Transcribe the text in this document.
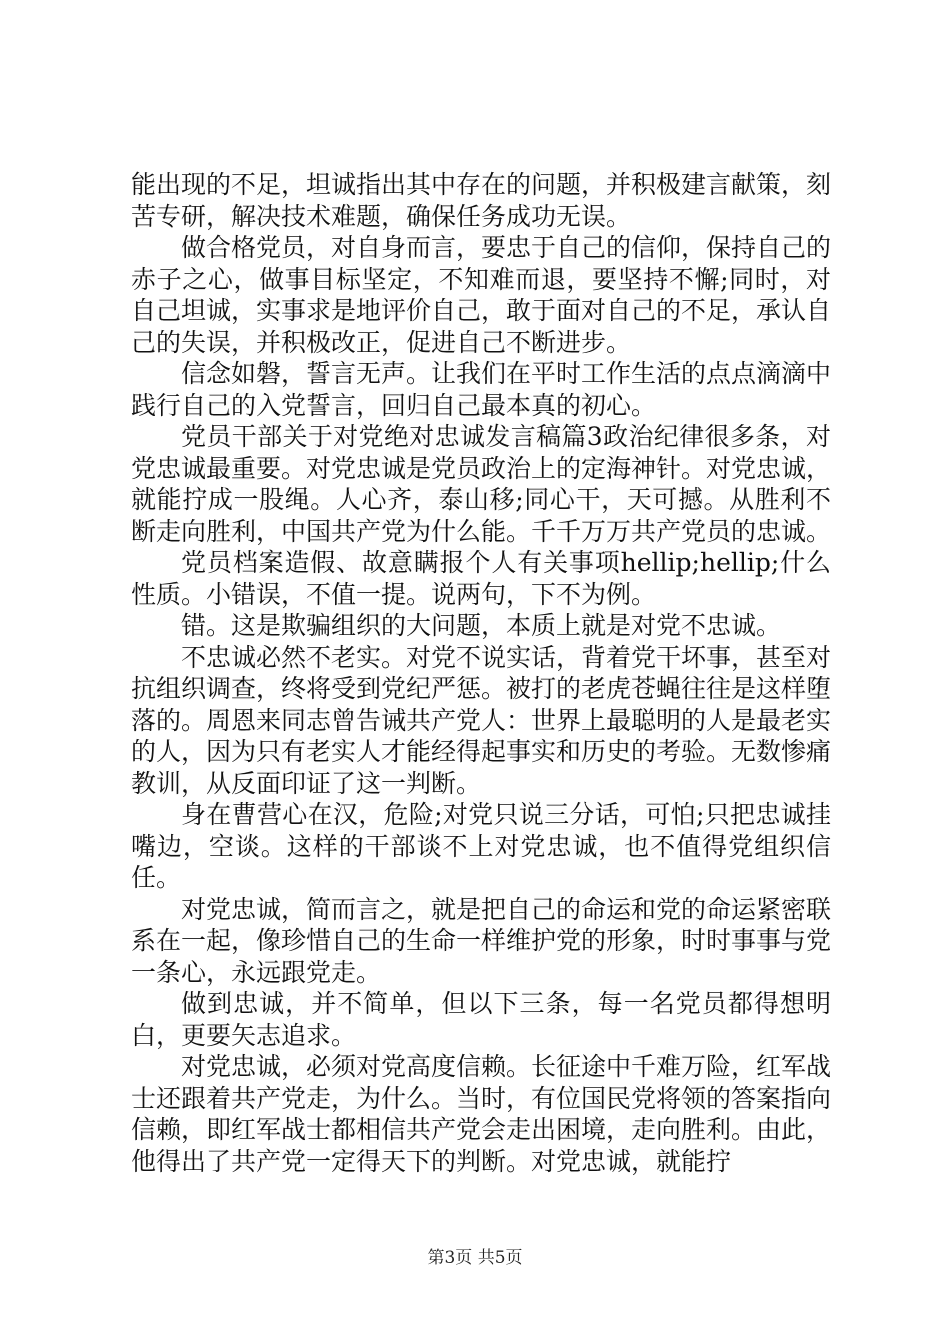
能出现的不足，坦诚指出其中存在的问题，并积极建言献策，刻苦专研，解决技术难题，确保任务成功无误。

做合格党员，对自身而言，要忠于自己的信仰，保持自己的赤子之心，做事目标坚定，不知难而退，要坚持不懈;同时，对自己坦诚，实事求是地评价自己，敢于面对自己的不足，承认自己的失误，并积极改正，促进自己不断进步。

信念如磐，誓言无声。让我们在平时工作生活的点点滴滴中践行自己的入党誓言，回归自己最本真的初心。

党员干部关于对党绝对忠诚发言稿篇3政治纪律很多条，对党忠诚最重要。对党忠诚是党员政治上的定海神针。对党忠诚，就能拧成一股绳。人心齐，泰山移;同心干，天可撼。从胜利不断走向胜利，中国共产党为什么能。千千万万共产党员的忠诚。

党员档案造假、故意瞒报个人有关事项hellip;hellip;什么性质。小错误，不值一提。说两句，下不为例。

错。这是欺骗组织的大问题，本质上就是对党不忠诚。

不忠诚必然不老实。对党不说实话，背着党干坏事，甚至对抗组织调查，终将受到党纪严惩。被打的老虎苍蝇往往是这样堕落的。周恩来同志曾告诫共产党人：世界上最聪明的人是最老实的人，因为只有老实人才能经得起事实和历史的考验。无数惨痛教训，从反面印证了这一判断。

身在曹营心在汉，危险;对党只说三分话，可怕;只把忠诚挂嘴边，空谈。这样的干部谈不上对党忠诚，也不值得党组织信任。

对党忠诚，简而言之，就是把自己的命运和党的命运紧密联系在一起，像珍惜自己的生命一样维护党的形象，时时事事与党一条心，永远跟党走。

做到忠诚，并不简单，但以下三条，每一名党员都得想明白，更要矢志追求。

对党忠诚，必须对党高度信赖。长征途中千难万险，红军战士还跟着共产党走，为什么。当时，有位国民党将领的答案指向信赖，即红军战士都相信共产党会走出困境，走向胜利。由此，他得出了共产党一定得天下的判断。对党忠诚，就能拧

第3页 共5页
